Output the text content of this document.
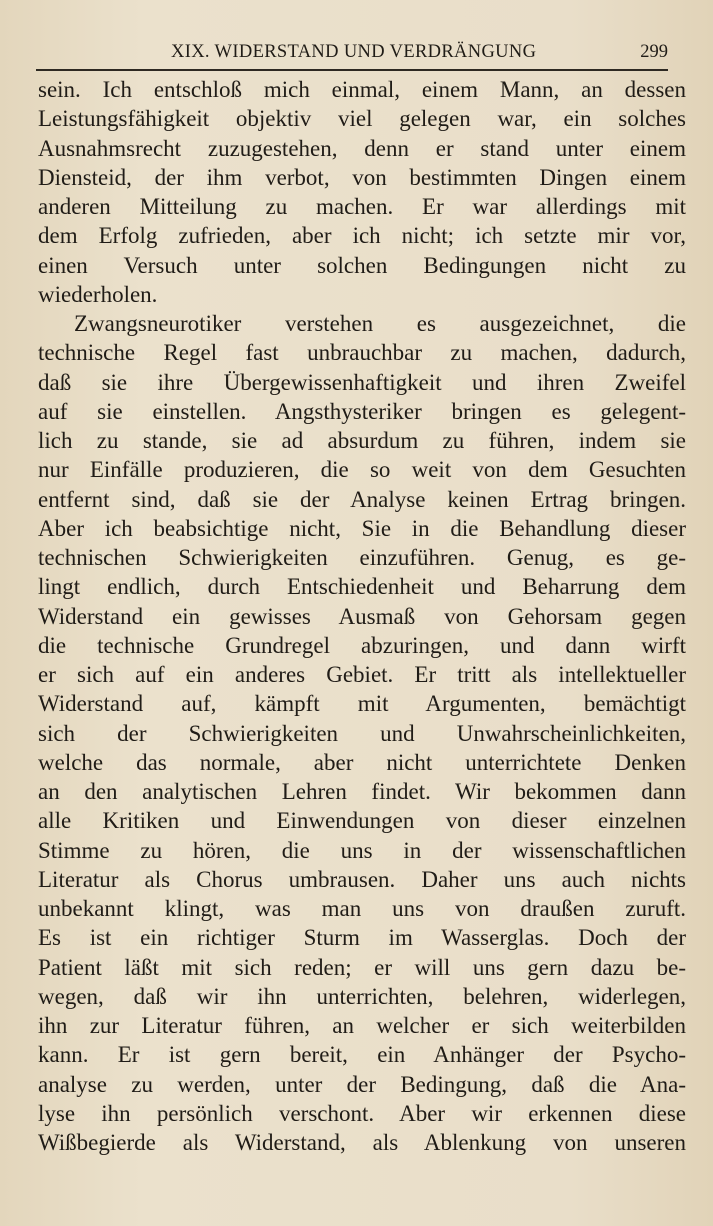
XIX. WIDERSTAND UND VERDRÄNGUNG	299
sein. Ich entschloß mich einmal, einem Mann, an dessen
Leistungsfähigkeit objektiv viel gelegen war, ein solches
Ausnahmsrecht zuzugestehen, denn er stand unter einem
Diensteid, der ihm verbot, von bestimmten Dingen einem
anderen Mitteilung zu machen. Er war allerdings mit
dem Erfolg zufrieden, aber ich nicht; ich setzte mir vor,
einen Versuch unter solchen Bedingungen nicht zu
wiederholen.
Zwangsneurotiker verstehen es ausgezeichnet, die
technische Regel fast unbrauchbar zu machen, dadurch,
daß sie ihre Übergewissenhaftigkeit und ihren Zweifel
auf sie einstellen. Angsthysteriker bringen es gelegent-
lich zu stande, sie ad absurdum zu führen, indem sie
nur Einfälle produzieren, die so weit von dem Gesuchten
entfernt sind, daß sie der Analyse keinen Ertrag bringen.
Aber ich beabsichtige nicht, Sie in die Behandlung dieser
technischen Schwierigkeiten einzuführen. Genug, es ge-
lingt endlich, durch Entschiedenheit und Beharrung dem
Widerstand ein gewisses Ausmaß von Gehorsam gegen
die technische Grundregel abzuringen, und dann wirft
er sich auf ein anderes Gebiet. Er tritt als intellektueller
Widerstand auf, kämpft mit Argumenten, bemächtigt
sich der Schwierigkeiten und Unwahrscheinlichkeiten,
welche das normale, aber nicht unterrichtete Denken
an den analytischen Lehren findet. Wir bekommen dann
alle Kritiken und Einwendungen von dieser einzelnen
Stimme zu hören, die uns in der wissenschaftlichen
Literatur als Chorus umbrausen. Daher uns auch nichts
unbekannt klingt, was man uns von draußen zuruft.
Es ist ein richtiger Sturm im Wasserglas. Doch der
Patient läßt mit sich reden; er will uns gern dazu be-
wegen, daß wir ihn unterrichten, belehren, widerlegen,
ihn zur Literatur führen, an welcher er sich weiterbilden
kann. Er ist gern bereit, ein Anhänger der Psycho-
analyse zu werden, unter der Bedingung, daß die Ana-
lyse ihn persönlich verschont. Aber wir erkennen diese
Wißbegierde als Widerstand, als Ablenkung von unseren
